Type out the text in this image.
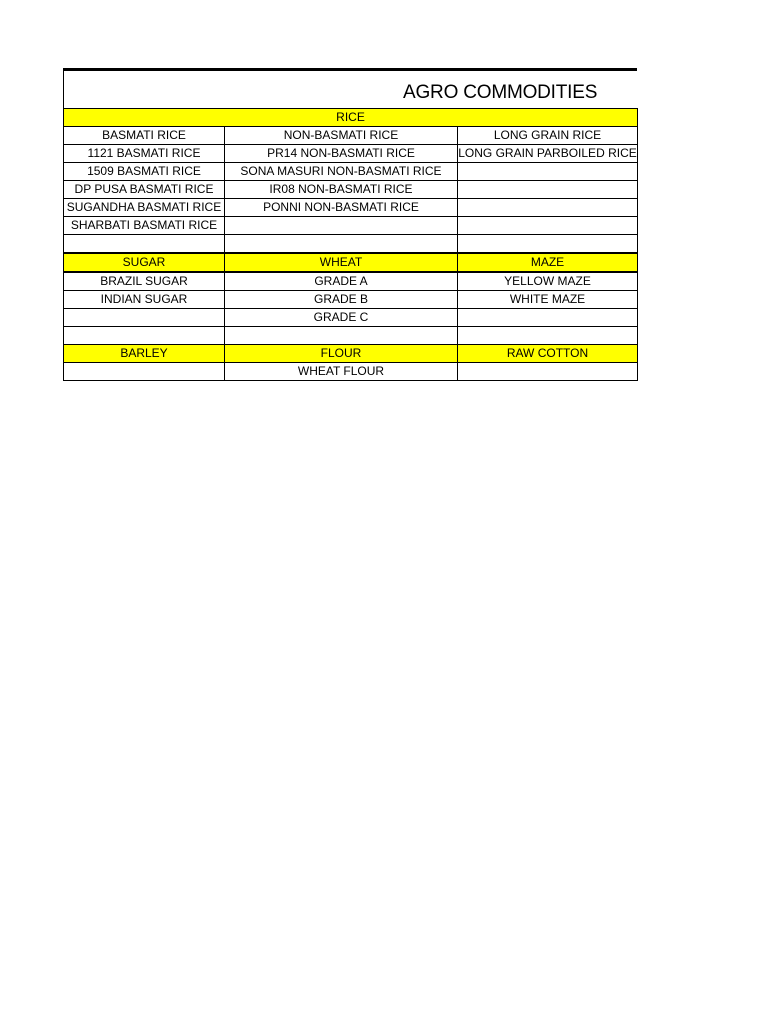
AGRO COMMODITIES
RICE		
BASMATI RICE	NON-BASMATI RICE	LONG GRAIN RICE
1121 BASMATI RICE	PR14 NON-BASMATI RICE	LONG GRAIN PARBOILED RICE
1509 BASMATI RICE	SONA MASURI NON-BASMATI RICE	
DP PUSA BASMATI RICE	IR08 NON-BASMATI RICE	
SUGANDHA BASMATI RICE	PONNI NON-BASMATI RICE	
SHARBATI BASMATI RICE		

SUGAR	WHEAT	MAZE
BRAZIL SUGAR	GRADE A	YELLOW MAZE
INDIAN SUGAR	GRADE B	WHITE MAZE
	GRADE C	

BARLEY	FLOUR	RAW COTTON
	WHEAT FLOUR	
